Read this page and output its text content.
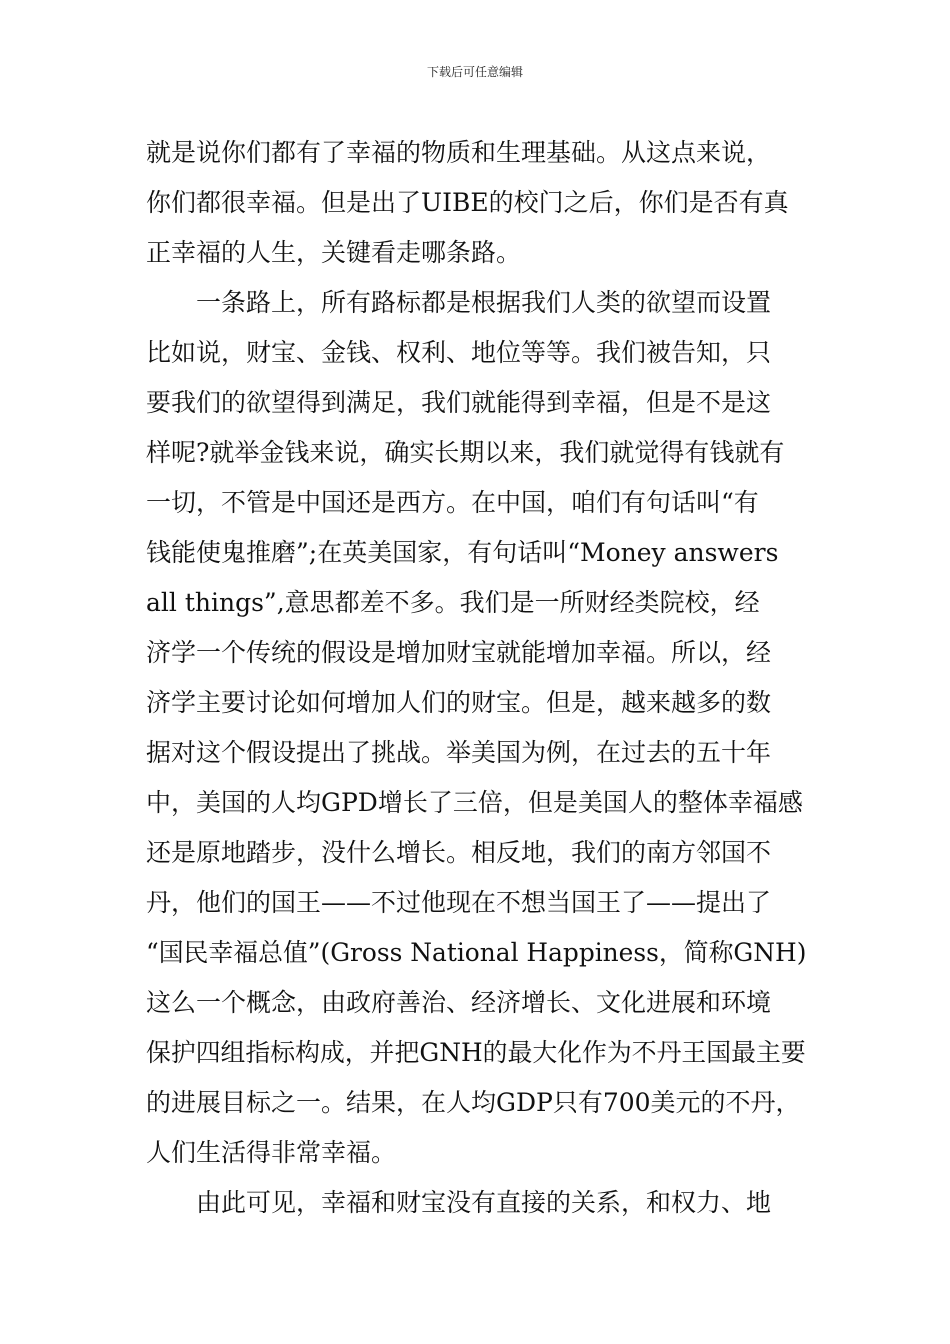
下载后可任意编辑
就是说你们都有了幸福的物质和生理基础。从这点来说，
你们都很幸福。但是出了UIBE的校门之后，你们是否有真
正幸福的人生，关键看走哪条路。
　　一条路上，所有路标都是根据我们人类的欲望而设置
比如说，财宝、金钱、权利、地位等等。我们被告知，只
要我们的欲望得到满足，我们就能得到幸福，但是不是这
样呢?就举金钱来说，确实长期以来，我们就觉得有钱就有
一切，不管是中国还是西方。在中国，咱们有句话叫“有
钱能使鬼推磨”;在英美国家，有句话叫“Money answers
all things”,意思都差不多。我们是一所财经类院校，经
济学一个传统的假设是增加财宝就能增加幸福。所以，经
济学主要讨论如何增加人们的财宝。但是，越来越多的数
据对这个假设提出了挑战。举美国为例，在过去的五十年
中，美国的人均GPD增长了三倍，但是美国人的整体幸福感
还是原地踏步，没什么增长。相反地，我们的南方邻国不
丹，他们的国王——不过他现在不想当国王了——提出了
“国民幸福总值”(Gross National Happiness，简称GNH)
这么一个概念，由政府善治、经济增长、文化进展和环境
保护四组指标构成，并把GNH的最大化作为不丹王国最主要
的进展目标之一。结果，在人均GDP只有700美元的不丹，
人们生活得非常幸福。
　　由此可见，幸福和财宝没有直接的关系，和权力、地
